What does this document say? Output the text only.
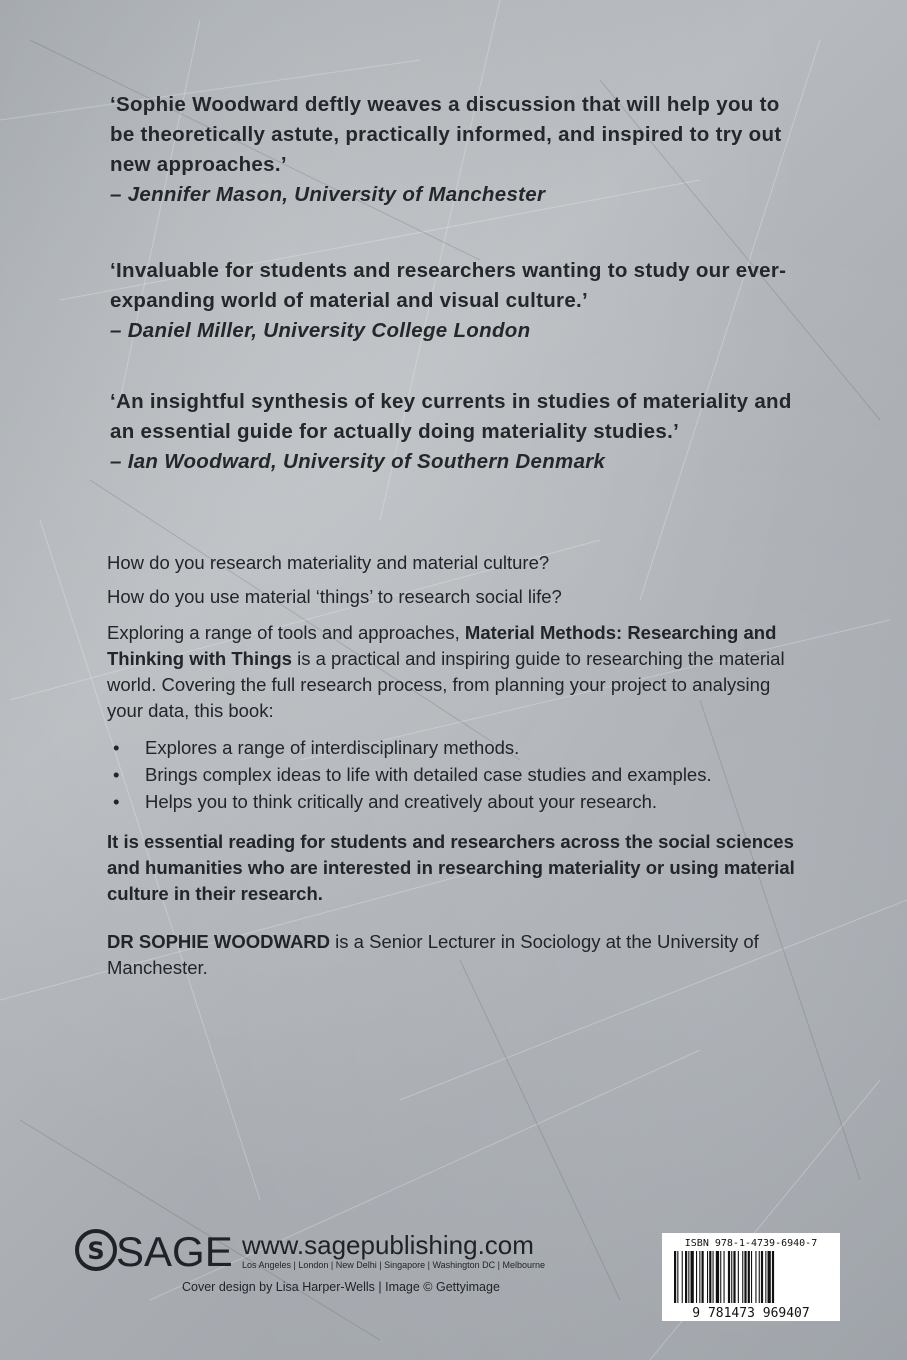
‘Sophie Woodward deftly weaves a discussion that will help you to

be theoretically astute, practically informed, and inspired to try out

new approaches.’

– Jennifer Mason, University of Manchester

‘Invaluable for students and researchers wanting to study our ever-

expanding world of material and visual culture.’

– Daniel Miller, University College London

‘An insightful synthesis of key currents in studies of materiality and

an essential guide for actually doing materiality studies.’

– Ian Woodward, University of Southern Denmark

How do you research materiality and material culture?

How do you use material ‘things’ to research social life?

Exploring a range of tools and approaches, Material Methods: Researching and Thinking with Things is a practical and inspiring guide to researching the material world. Covering the full research process, from planning your project to analysing your data, this book:

• Explores a range of interdisciplinary methods.
• Brings complex ideas to life with detailed case studies and examples.
• Helps you to think critically and creatively about your research.

It is essential reading for students and researchers across the social sciences and humanities who are interested in researching materiality or using material culture in their research.

DR SOPHIE WOODWARD is a Senior Lecturer in Sociology at the University of Manchester.

S SAGE www.sagepublishing.com
Los Angeles | London | New Delhi | Singapore | Washington DC | Melbourne
Cover design by Lisa Harper-Wells | Image © Gettyimage
ISBN 978-1-4739-6940-7
9 781473 969407
